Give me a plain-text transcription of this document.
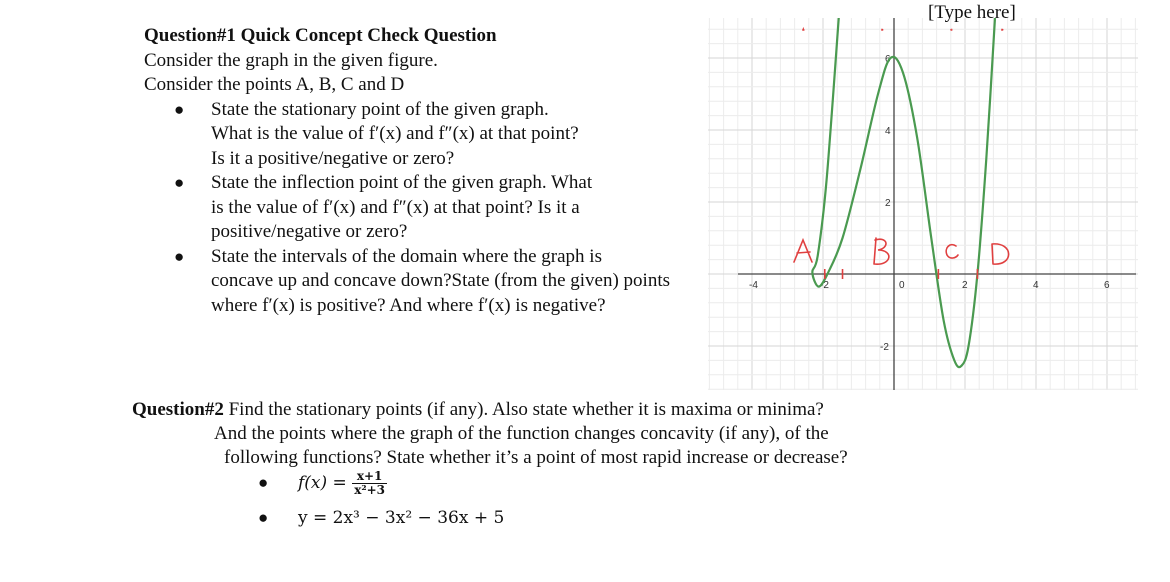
[Type here]
Question#1 Quick Concept Check Question
Consider the graph in the given figure.
Consider the points A, B, C and D
● State the stationary point of the given graph.
What is the value of f′(x) and f″(x) at that point?
Is it a positive/negative or zero?
● State the inflection point of the given graph. What
is the value of f′(x) and f″(x) at that point? Is it a
positive/negative or zero?
● State the intervals of the domain where the graph is
concave up and concave down?State (from the given) points
where f′(x) is positive? And where f′(x) is negative?
-4	-2	0	2	4	6
6
4
2
-2
A	B	C	D
Question#2 Find the stationary points (if any). Also state whether it is maxima or minima?
And the points where the graph of the function changes concavity (if any), of the
following functions? State whether it’s a point of most rapid increase or decrease?
● $f(x) = \frac{x+1}{\text{x²+3}}$
● y = 2x³ − 3x² − 36x + 5
